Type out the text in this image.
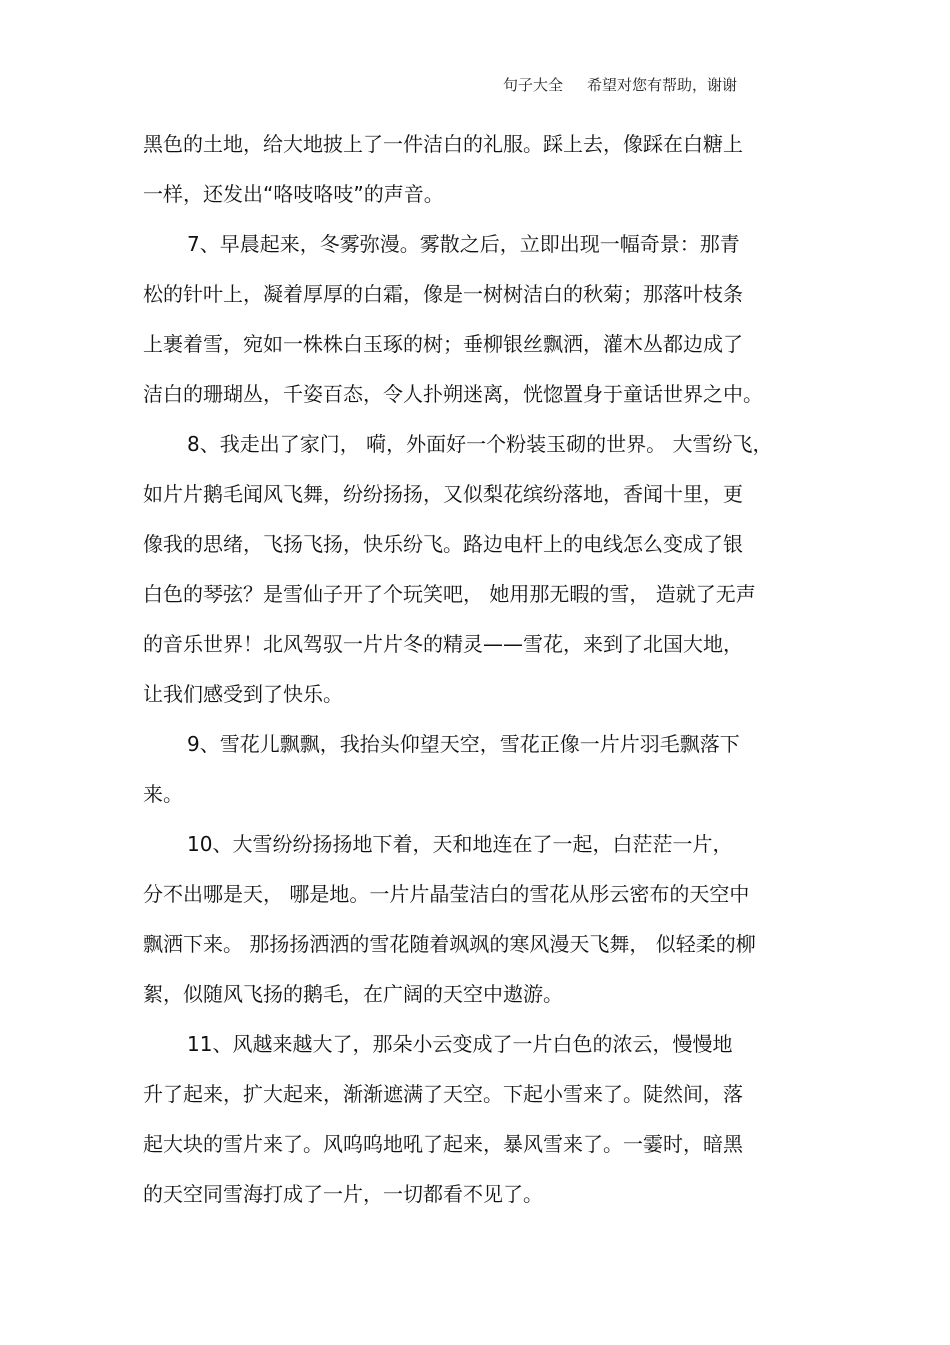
句子大全 希望对您有帮助，谢谢
黑色的土地，给大地披上了一件洁白的礼服。踩上去，像踩在白糖上
一样，还发出“咯吱咯吱”的声音。
7、早晨起来，冬雾弥漫。雾散之后，立即出现一幅奇景：那青
松的针叶上，凝着厚厚的白霜，像是一树树洁白的秋菊；那落叶枝条
上裹着雪，宛如一株株白玉琢的树；垂柳银丝飘洒，灌木丛都边成了
洁白的珊瑚丛，千姿百态，令人扑朔迷离，恍惚置身于童话世界之中。
8、我走出了家门， 嗬，外面好一个粉装玉砌的世界。 大雪纷飞，
如片片鹅毛闻风飞舞，纷纷扬扬，又似梨花缤纷落地，香闻十里，更
像我的思绪，飞扬飞扬，快乐纷飞。路边电杆上的电线怎么变成了银
白色的琴弦？是雪仙子开了个玩笑吧， 她用那无暇的雪， 造就了无声
的音乐世界！北风驾驭一片片冬的精灵——雪花，来到了北国大地，
让我们感受到了快乐。
9、雪花儿飘飘，我抬头仰望天空，雪花正像一片片羽毛飘落下
来。
10、大雪纷纷扬扬地下着，天和地连在了一起，白茫茫一片，
分不出哪是天， 哪是地。一片片晶莹洁白的雪花从彤云密布的天空中
飘洒下来。 那扬扬洒洒的雪花随着飒飒的寒风漫天飞舞， 似轻柔的柳
絮，似随风飞扬的鹅毛，在广阔的天空中遨游。
11、风越来越大了，那朵小云变成了一片白色的浓云，慢慢地
升了起来，扩大起来，渐渐遮满了天空。下起小雪来了。陡然间，落
起大块的雪片来了。风呜呜地吼了起来，暴风雪来了。一霎时，暗黑
的天空同雪海打成了一片，一切都看不见了。
